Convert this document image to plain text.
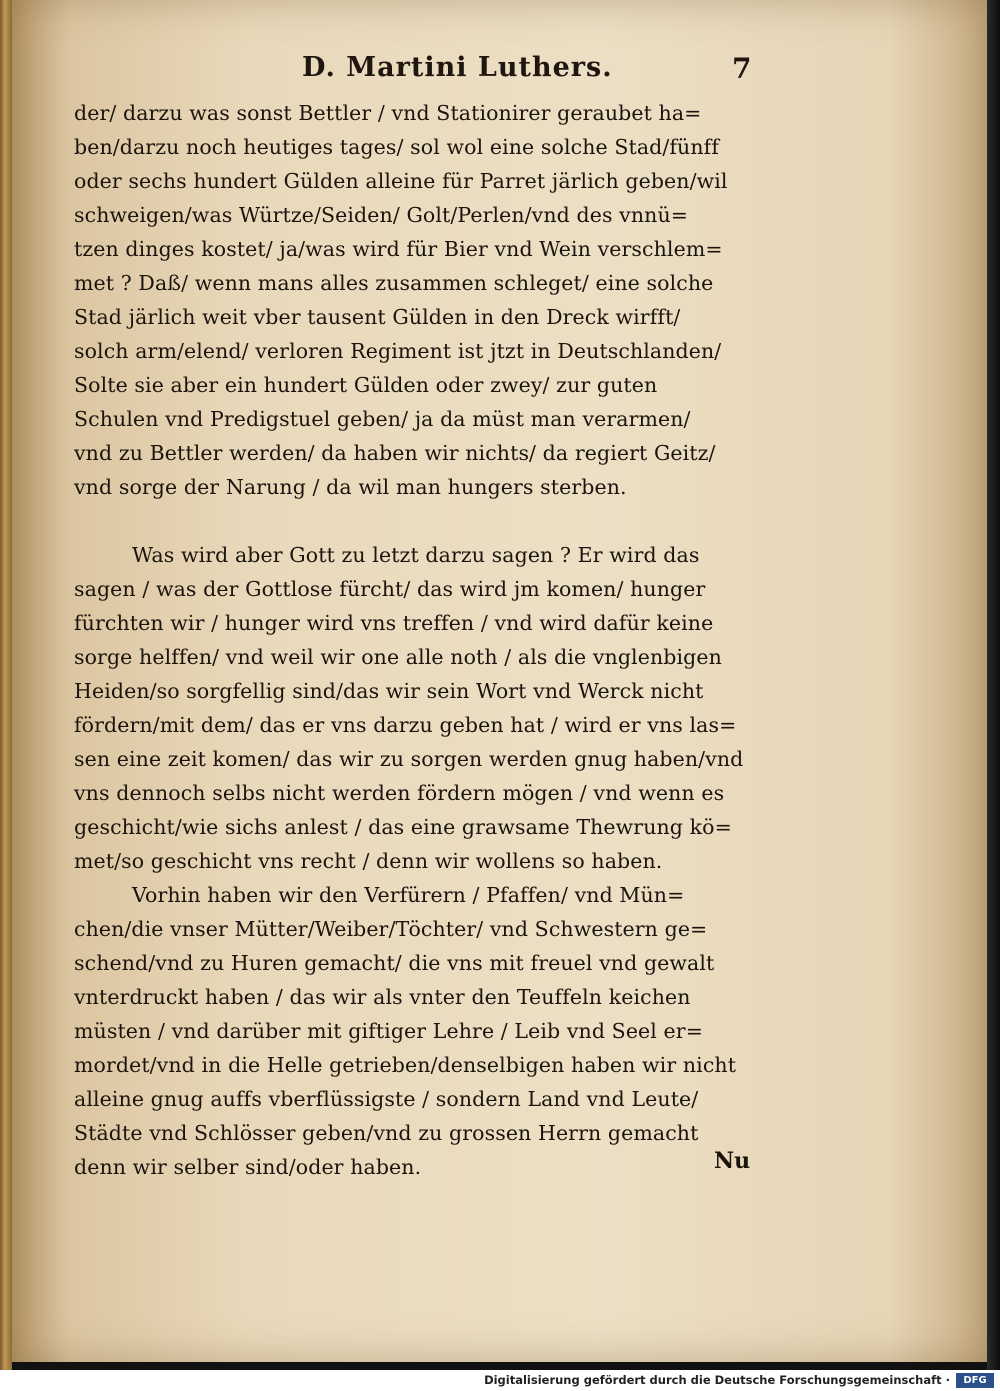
D. Martini Luthers.	7
der/ darzu was sonst Bettler / vnd Stationirer geraubet ha=
ben/darzu noch heutiges tages/ sol wol eine solche Stad/fünff
oder sechs hundert Gülden alleine für Parret järlich geben/wil
schweigen/was Würtze/Seiden/ Golt/Perlen/vnd des vnnü=
tzen dinges kostet/ ja/was wird für Bier vnd Wein verschlem=
met ? Daß/ wenn mans alles zusammen schleget/ eine solche
Stad järlich weit vber tausent Gülden in den Dreck wirfft/
solch arm/elend/ verloren Regiment ist jtzt in Deutschlanden/
Solte sie aber ein hundert Gülden oder zwey/ zur guten
Schulen vnd Predigstuel geben/ ja da müst man verarmen/
vnd zu Bettler werden/ da haben wir nichts/ da regiert Geitz/
vnd sorge der Narung / da wil man hungers sterben.
Was wird aber Gott zu letzt darzu sagen ? Er wird das
sagen / was der Gottlose fürcht/ das wird jm komen/ hunger
fürchten wir / hunger wird vns treffen / vnd wird dafür keine
sorge helffen/ vnd weil wir one alle noth / als die vnglenbigen
Heiden/so sorgfellig sind/das wir sein Wort vnd Werck nicht
fördern/mit dem/ das er vns darzu geben hat / wird er vns las=
sen eine zeit komen/ das wir zu sorgen werden gnug haben/vnd
vns dennoch selbs nicht werden fördern mögen / vnd wenn es
geschicht/wie sichs anlest / das eine grawsame Thewrung kö=
met/so geschicht vns recht / denn wir wollens so haben.
Vorhin haben wir den Verfürern / Pfaffen/ vnd Mün=
chen/die vnser Mütter/Weiber/Töchter/ vnd Schwestern ge=
schend/vnd zu Huren gemacht/ die vns mit freuel vnd gewalt
vnterdruckt haben / das wir als vnter den Teuffeln keichen
müsten / vnd darüber mit giftiger Lehre / Leib vnd Seel er=
mordet/vnd in die Helle getrieben/denselbigen haben wir nicht
alleine gnug auffs vberflüssigste / sondern Land vnd Leute/
Städte vnd Schlösser geben/vnd zu grossen Herrn gemacht
denn wir selber sind/oder haben.	Nu
Digitalisierung gefördert durch die Deutsche Forschungsgemeinschaft ·	DFG
